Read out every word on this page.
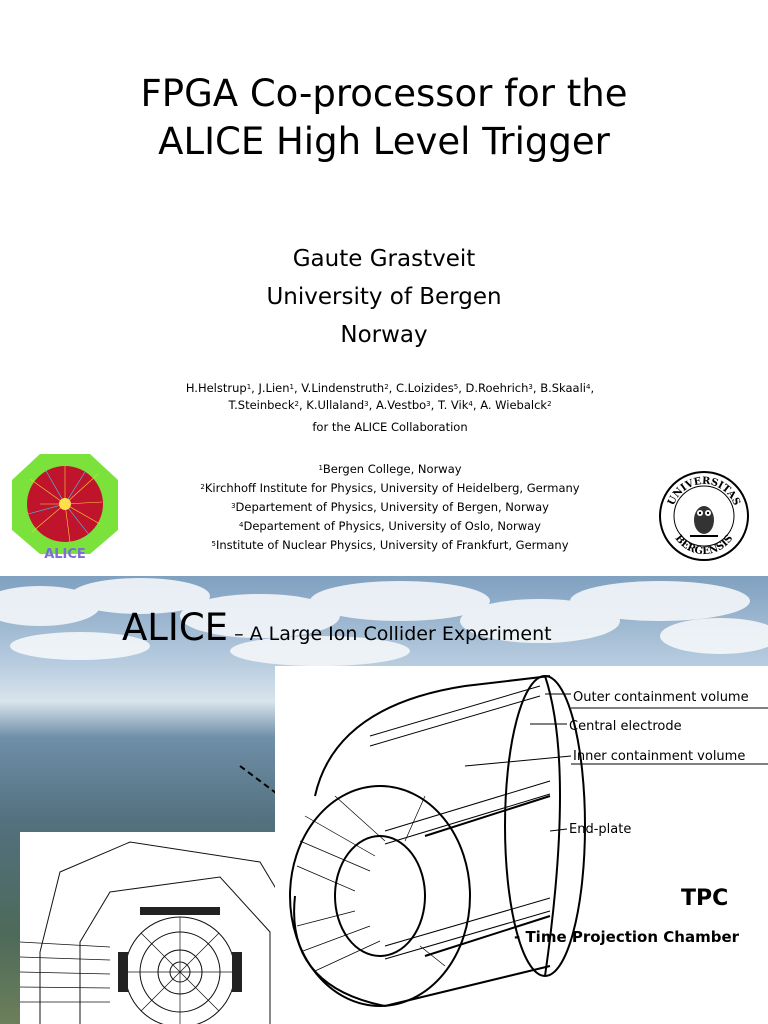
FPGA Co-processor for the
ALICE High Level Trigger
Gaute Grastveit
University of Bergen
Norway
H.Helstrup$^1$, J.Lien$^1$, V.Lindenstruth$^2$, C.Loizides$^5$, D.Roehrich$^3$, B.Skaali$^4$,
T.Steinbeck$^2$, K.Ullaland$^3$, A.Vestbo$^3$, T. Vik$^4$, A. Wiebalck$^2$
for the ALICE Collaboration
$^1$Bergen College, Norway
$^2$Kirchhoff Institute for Physics, University of Heidelberg, Germany
$^3$Departement of Physics, University of Bergen, Norway
$^4$Departement of Physics, University of Oslo, Norway
$^5$Institute of Nuclear Physics, University of Frankfurt, Germany
ALICE
UNIVERSITAS
BERGENSIS
ALICE – A Large Ion Collider Experiment
Outer containment volume
Central electrode
Inner containment volume
End-plate
TPC
- Time Projection Chamber
